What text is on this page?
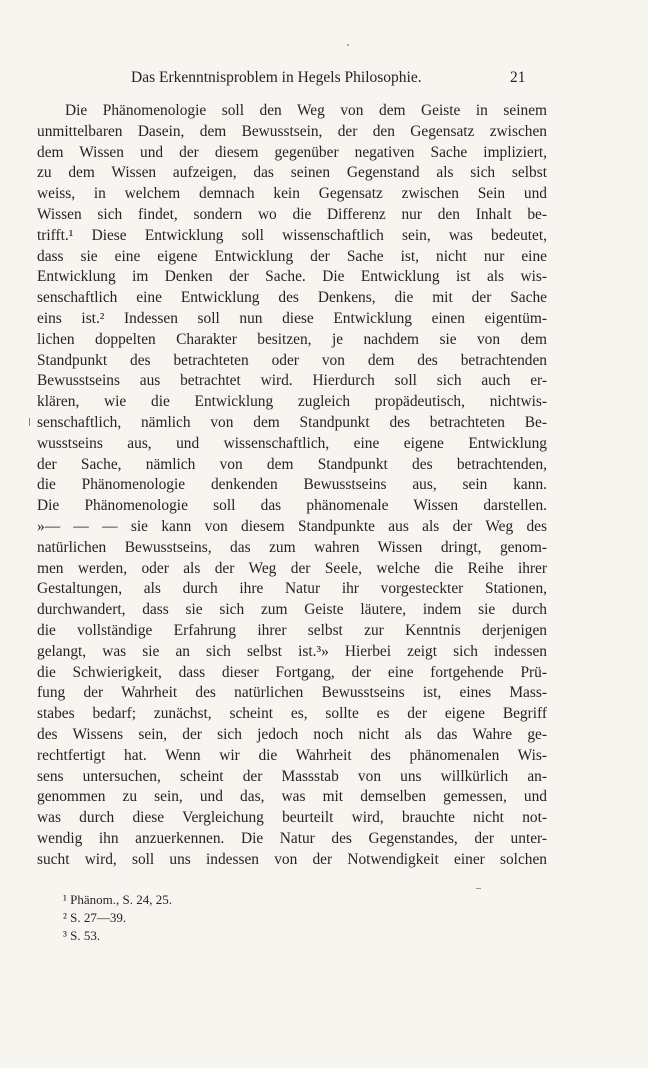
Das Erkenntnisproblem in Hegels Philosophie.	21
Die Phänomenologie soll den Weg von dem Geiste in seinem
unmittelbaren Dasein, dem Bewusstsein, der den Gegensatz zwischen
dem Wissen und der diesem gegenüber negativen Sache impliziert,
zu dem Wissen aufzeigen, das seinen Gegenstand als sich selbst
weiss, in welchem demnach kein Gegensatz zwischen Sein und
Wissen sich findet, sondern wo die Differenz nur den Inhalt be-
trifft.¹ Diese Entwicklung soll wissenschaftlich sein, was bedeutet,
dass sie eine eigene Entwicklung der Sache ist, nicht nur eine
Entwicklung im Denken der Sache. Die Entwicklung ist als wis-
senschaftlich eine Entwicklung des Denkens, die mit der Sache
eins ist.² Indessen soll nun diese Entwicklung einen eigentüm-
lichen doppelten Charakter besitzen, je nachdem sie von dem
Standpunkt des betrachteten oder von dem des betrachtenden
Bewusstseins aus betrachtet wird. Hierdurch soll sich auch er-
klären, wie die Entwicklung zugleich propädeutisch, nichtwis-
senschaftlich, nämlich von dem Standpunkt des betrachteten Be-
wusstseins aus, und wissenschaftlich, eine eigene Entwicklung
der Sache, nämlich von dem Standpunkt des betrachtenden,
die Phänomenologie denkenden Bewusstseins aus, sein kann.
Die Phänomenologie soll das phänomenale Wissen darstellen.
»— — — sie kann von diesem Standpunkte aus als der Weg des
natürlichen Bewusstseins, das zum wahren Wissen dringt, genom-
men werden, oder als der Weg der Seele, welche die Reihe ihrer
Gestaltungen, als durch ihre Natur ihr vorgesteckter Stationen,
durchwandert, dass sie sich zum Geiste läutere, indem sie durch
die vollständige Erfahrung ihrer selbst zur Kenntnis derjenigen
gelangt, was sie an sich selbst ist.³» Hierbei zeigt sich indessen
die Schwierigkeit, dass dieser Fortgang, der eine fortgehende Prü-
fung der Wahrheit des natürlichen Bewusstseins ist, eines Mass-
stabes bedarf; zunächst, scheint es, sollte es der eigene Begriff
des Wissens sein, der sich jedoch noch nicht als das Wahre ge-
rechtfertigt hat. Wenn wir die Wahrheit des phänomenalen Wis-
sens untersuchen, scheint der Massstab von uns willkürlich an-
genommen zu sein, und das, was mit demselben gemessen, und
was durch diese Vergleichung beurteilt wird, brauchte nicht not-
wendig ihn anzuerkennen. Die Natur des Gegenstandes, der unter-
sucht wird, soll uns indessen von der Notwendigkeit einer solchen
¹ Phänom., S. 24, 25.
² S. 27—39.
³ S. 53.
